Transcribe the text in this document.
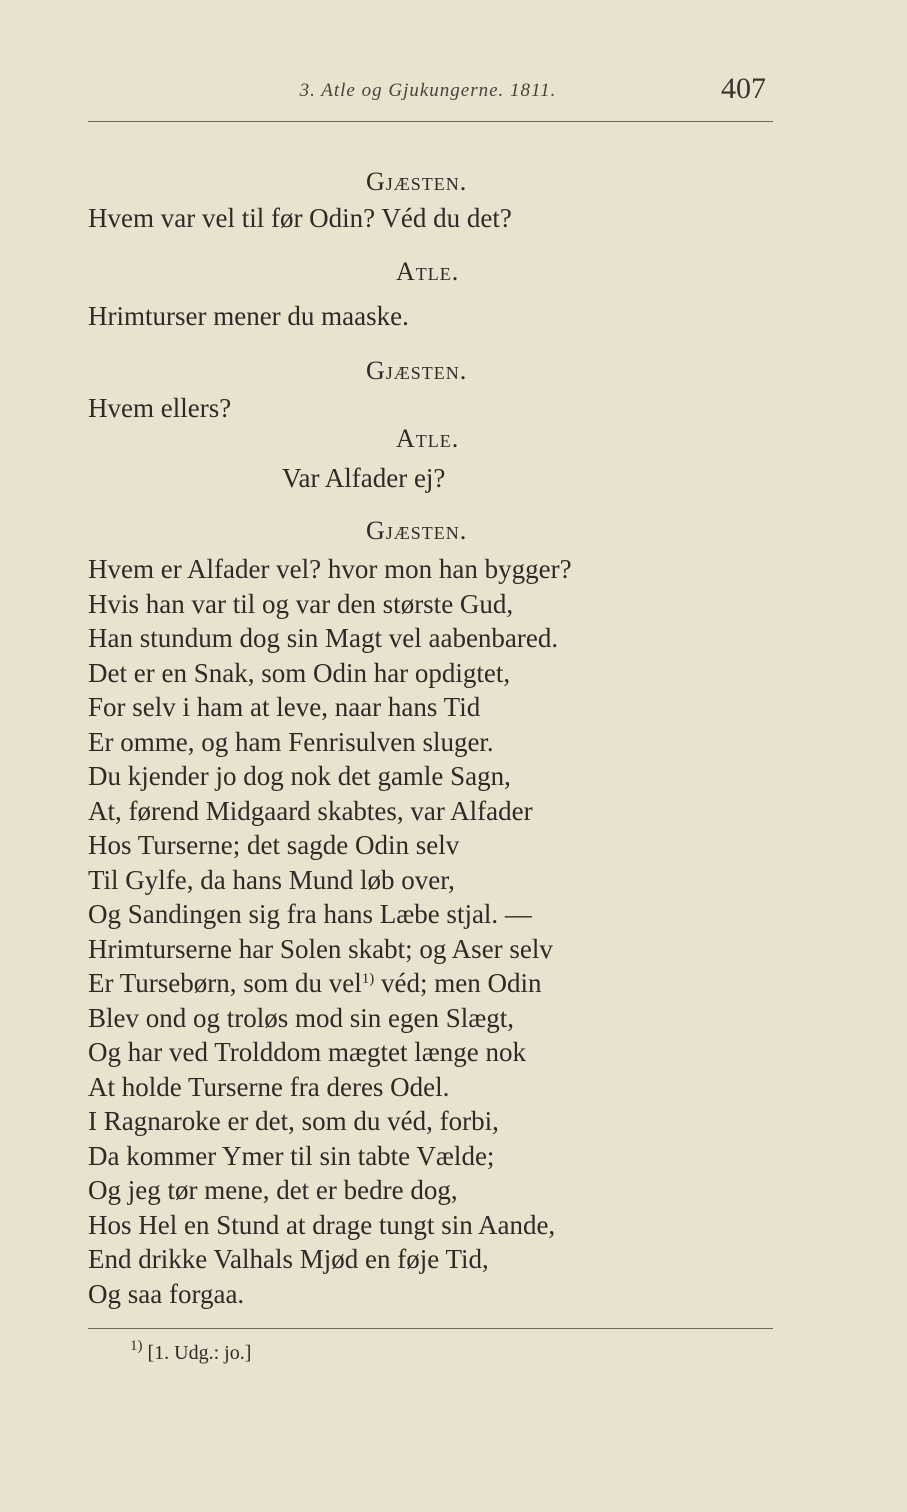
3. Atle og Gjukungerne. 1811.	407
Gjæsten.
Hvem var vel til før Odin? Véd du det?
Atle.
Hrimturser mener du maaske.
Gjæsten.
Hvem ellers?
Atle.
Var Alfader ej?
Gjæsten.
Hvem er Alfader vel? hvor mon han bygger?
Hvis han var til og var den største Gud,
Han stundum dog sin Magt vel aabenbared.
Det er en Snak, som Odin har opdigtet,
For selv i ham at leve, naar hans Tid
Er omme, og ham Fenrisulven sluger.
Du kjender jo dog nok det gamle Sagn,
At, førend Midgaard skabtes, var Alfader
Hos Turserne; det sagde Odin selv
Til Gylfe, da hans Mund løb over,
Og Sandingen sig fra hans Læbe stjal. —
Hrimturserne har Solen skabt; og Aser selv
Er Tursebørn, som du vel$^{1)}$ véd; men Odin
Blev ond og troløs mod sin egen Slægt,
Og har ved Trolddom mægtet længe nok
At holde Turserne fra deres Odel.
I Ragnaroke er det, som du véd, forbi,
Da kommer Ymer til sin tabte Vælde;
Og jeg tør mene, det er bedre dog,
Hos Hel en Stund at drage tungt sin Aande,
End drikke Valhals Mjød en føje Tid,
Og saa forgaa.
$^{1)}$ [1. Udg.: jo.]
